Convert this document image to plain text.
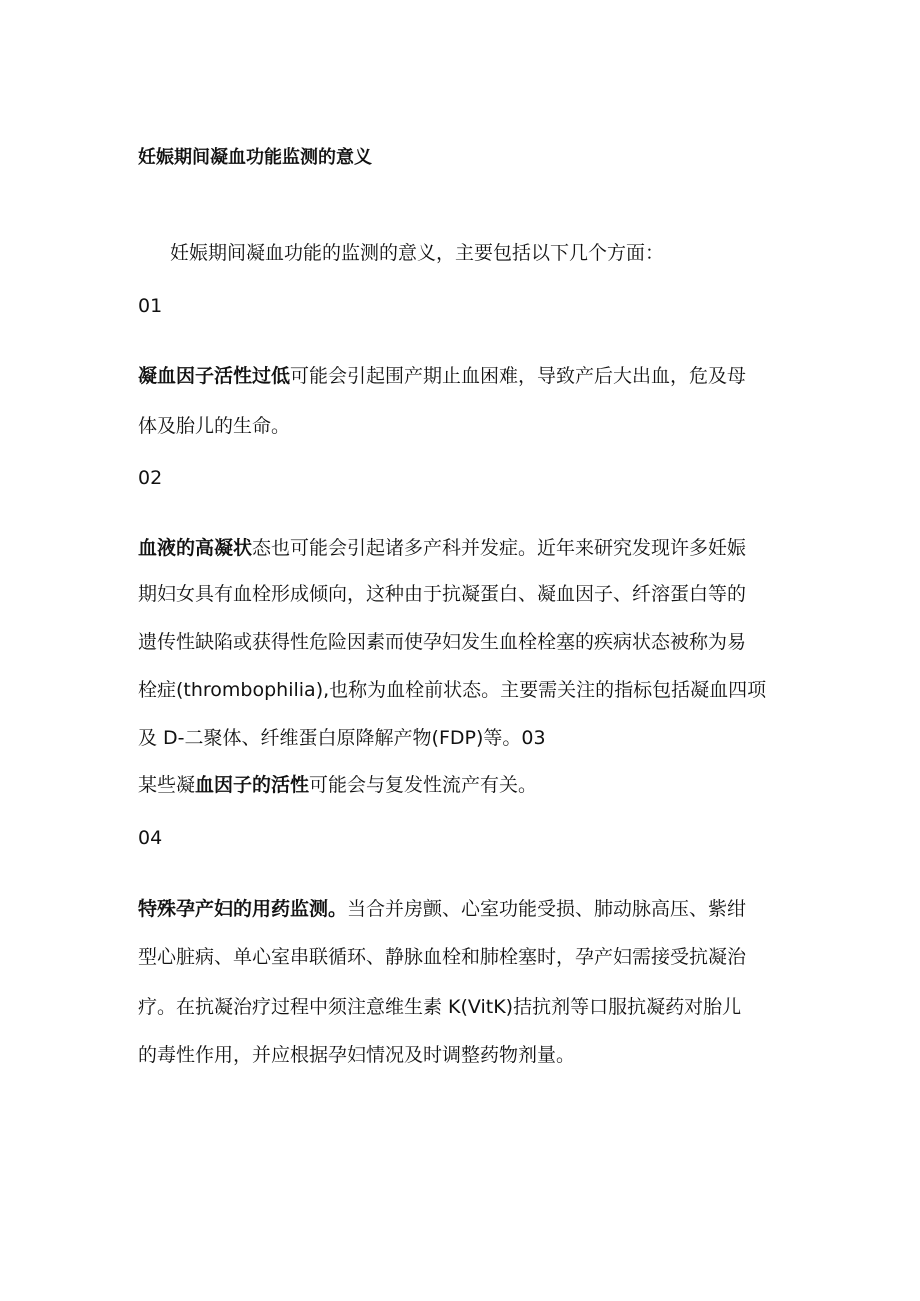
妊娠期间凝血功能监测的意义
妊娠期间凝血功能的监测的意义，主要包括以下几个方面：
01
凝血因子活性过低可能会引起围产期止血困难，导致产后大出血，危及母
体及胎儿的生命。
02
血液的高凝状态也可能会引起诸多产科并发症。近年来研究发现许多妊娠
期妇女具有血栓形成倾向，这种由于抗凝蛋白、凝血因子、纤溶蛋白等的
遗传性缺陷或获得性危险因素而使孕妇发生血栓栓塞的疾病状态被称为易
栓症(thrombophilia),也称为血栓前状态。主要需关注的指标包括凝血四项
及 D-二聚体、纤维蛋白原降解产物(FDP)等。03
某些凝血因子的活性可能会与复发性流产有关。
04
特殊孕产妇的用药监测。当合并房颤、心室功能受损、肺动脉高压、紫绀
型心脏病、单心室串联循环、静脉血栓和肺栓塞时，孕产妇需接受抗凝治
疗。在抗凝治疗过程中须注意维生素 K(VitK)拮抗剂等口服抗凝药对胎儿
的毒性作用，并应根据孕妇情况及时调整药物剂量。
